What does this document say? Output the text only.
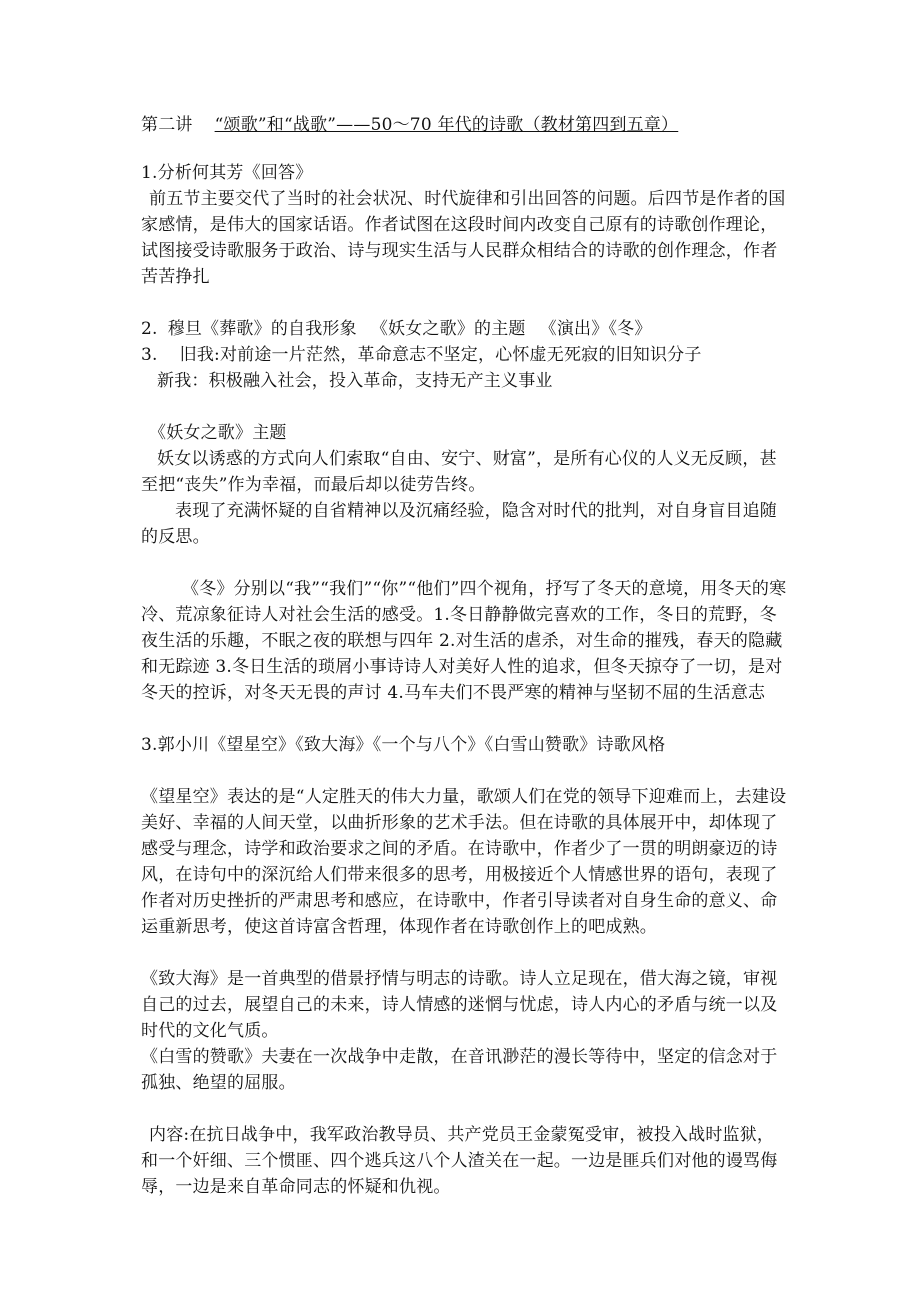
第二讲 “颂歌”和“战歌”——50～70 年代的诗歌（教材第四到五章）

1.分析何其芳《回答》

前五节主要交代了当时的社会状况、时代旋律和引出回答的问题。后四节是作者的国家感情，是伟大的国家话语。作者试图在这段时间内改变自己原有的诗歌创作理论，试图接受诗歌服务于政治、诗与现实生活与人民群众相结合的诗歌的创作理念，作者苦苦挣扎

2. 穆旦《葬歌》的自我形象 《妖女之歌》的主题 《演出》《冬》

3. 旧我:对前途一片茫然，革命意志不坚定，心怀虚无死寂的旧知识分子

新我：积极融入社会，投入革命，支持无产主义事业

《妖女之歌》主题

妖女以诱惑的方式向人们索取“自由、安宁、财富”，是所有心仪的人义无反顾，甚至把“丧失”作为幸福，而最后却以徒劳告终。

表现了充满怀疑的自省精神以及沉痛经验，隐含对时代的批判，对自身盲目追随的反思。

《冬》分别以“我”“我们”“你”“他们”四个视角，抒写了冬天的意境，用冬天的寒冷、荒凉象征诗人对社会生活的感受。1.冬日静静做完喜欢的工作，冬日的荒野，冬夜生活的乐趣，不眠之夜的联想与四年 2.对生活的虐杀，对生命的摧残，春天的隐藏和无踪迹 3.冬日生活的琐屑小事诗诗人对美好人性的追求，但冬天掠夺了一切，是对冬天的控诉，对冬天无畏的声讨 4.马车夫们不畏严寒的精神与坚韧不屈的生活意志

3.郭小川《望星空》《致大海》《一个与八个》《白雪山赞歌》诗歌风格

《望星空》表达的是“人定胜天的伟大力量，歌颂人们在党的领导下迎难而上，去建设美好、幸福的人间天堂，以曲折形象的艺术手法。但在诗歌的具体展开中，却体现了感受与理念，诗学和政治要求之间的矛盾。在诗歌中，作者少了一贯的明朗豪迈的诗风，在诗句中的深沉给人们带来很多的思考，用极接近个人情感世界的语句，表现了作者对历史挫折的严肃思考和感应，在诗歌中，作者引导读者对自身生命的意义、命运重新思考，使这首诗富含哲理，体现作者在诗歌创作上的吧成熟。

《致大海》是一首典型的借景抒情与明志的诗歌。诗人立足现在，借大海之镜，审视自己的过去，展望自己的未来，诗人情感的迷惘与忧虑，诗人内心的矛盾与统一以及时代的文化气质。

《白雪的赞歌》夫妻在一次战争中走散，在音讯渺茫的漫长等待中，坚定的信念对于孤独、绝望的屈服。

内容:在抗日战争中，我军政治教导员、共产党员王金蒙冤受审，被投入战时监狱，和一个奸细、三个惯匪、四个逃兵这八个人渣关在一起。一边是匪兵们对他的谩骂侮辱，一边是来自革命同志的怀疑和仇视。
